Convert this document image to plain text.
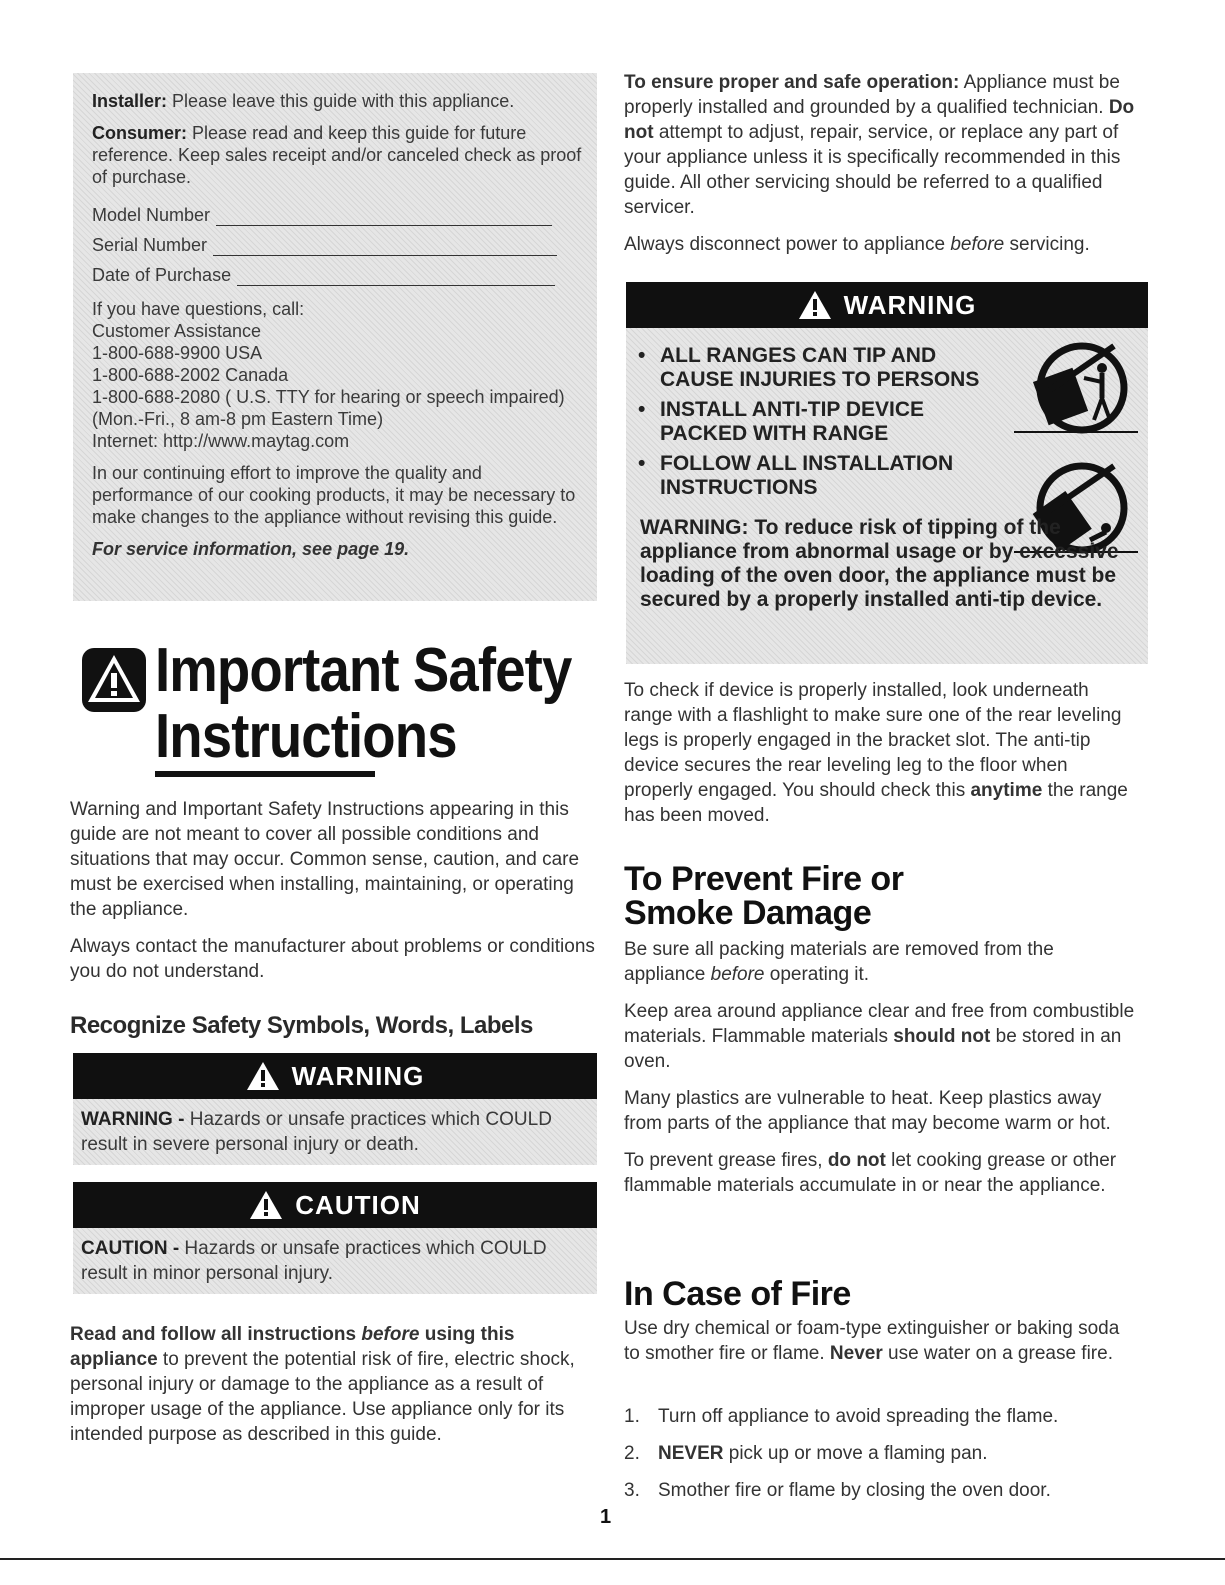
Installer: Please leave this guide with this appliance.

Consumer: Please read and keep this guide for future reference. Keep sales receipt and/or canceled check as proof of purchase.

Model Number
Serial Number
Date of Purchase
If you have questions, call:
Customer Assistance
1-800-688-9900 USA
1-800-688-2002 Canada
1-800-688-2080 ( U.S. TTY for hearing or speech impaired)
(Mon.-Fri., 8 am-8 pm Eastern Time)
Internet: http://www.maytag.com

In our continuing effort to improve the quality and performance of our cooking products, it may be necessary to make changes to the appliance without revising this guide.

For service information, see page 19.

Important Safety
Instructions

Warning and Important Safety Instructions appearing in this guide are not meant to cover all possible conditions and situations that may occur. Common sense, caution, and care must be exercised when installing, maintaining, or operating the appliance.

Always contact the manufacturer about problems or conditions you do not understand.

Recognize Safety Symbols, Words, Labels
WARNING
WARNING - Hazards or unsafe practices which COULD result in severe personal injury or death.
CAUTION
CAUTION - Hazards or unsafe practices which COULD result in minor personal injury.

Read and follow all instructions before using this appliance to prevent the potential risk of fire, electric shock, personal injury or damage to the appliance as a result of improper usage of the appliance. Use appliance only for its intended purpose as described in this guide.

To ensure proper and safe operation: Appliance must be properly installed and grounded by a qualified technician. Do not attempt to adjust, repair, service, or replace any part of your appliance unless it is specifically recommended in this guide. All other servicing should be referred to a qualified servicer.

Always disconnect power to appliance before servicing.

WARNING
• ALL RANGES CAN TIP AND CAUSE INJURIES TO PERSONS
• INSTALL ANTI-TIP DEVICE PACKED WITH RANGE
• FOLLOW ALL INSTALLATION INSTRUCTIONS
WARNING: To reduce risk of tipping of the appliance from abnormal usage or by excessive loading of the oven door, the appliance must be secured by a properly installed anti-tip device.

To check if device is properly installed, look underneath range with a flashlight to make sure one of the rear leveling legs is properly engaged in the bracket slot. The anti-tip device secures the rear leveling leg to the floor when properly engaged. You should check this anytime the range has been moved.

To Prevent Fire or
Smoke Damage

Be sure all packing materials are removed from the appliance before operating it.

Keep area around appliance clear and free from combustible materials. Flammable materials should not be stored in an oven.

Many plastics are vulnerable to heat. Keep plastics away from parts of the appliance that may become warm or hot.

To prevent grease fires, do not let cooking grease or other flammable materials accumulate in or near the appliance.

In Case of Fire

Use dry chemical or foam-type extinguisher or baking soda to smother fire or flame. Never use water on a grease fire.

1. Turn off appliance to avoid spreading the flame.
2. NEVER pick up or move a flaming pan.
3. Smother fire or flame by closing the oven door.
1
